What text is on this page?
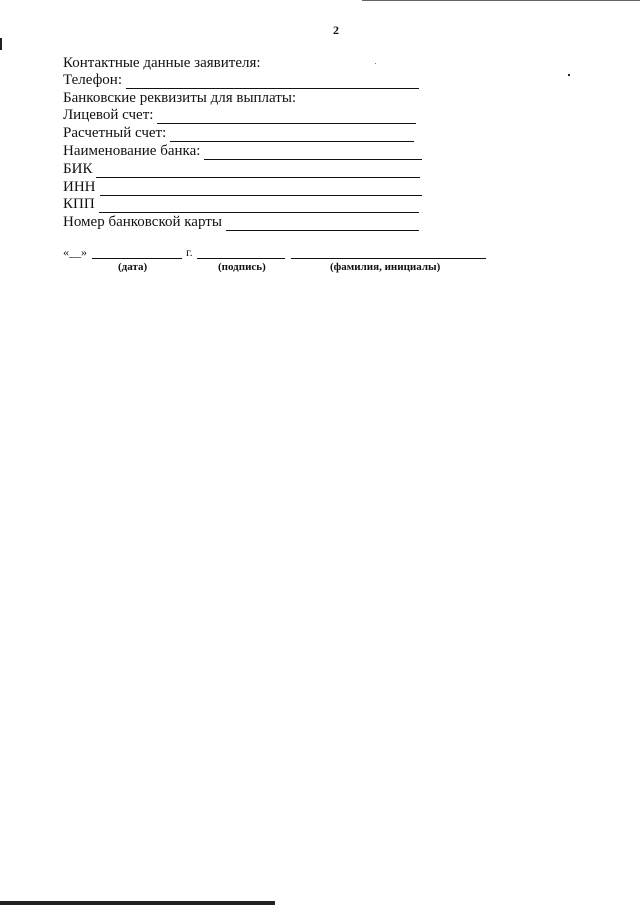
2
Контактные данные заявителя:
Телефон:
Банковские реквизиты для выплаты:
Лицевой счет:
Расчетный счет:
Наименование банка:
БИК
ИНН
КПП
Номер банковской карты
«__»	г.
(дата)	(подпись)	(фамилия, инициалы)
